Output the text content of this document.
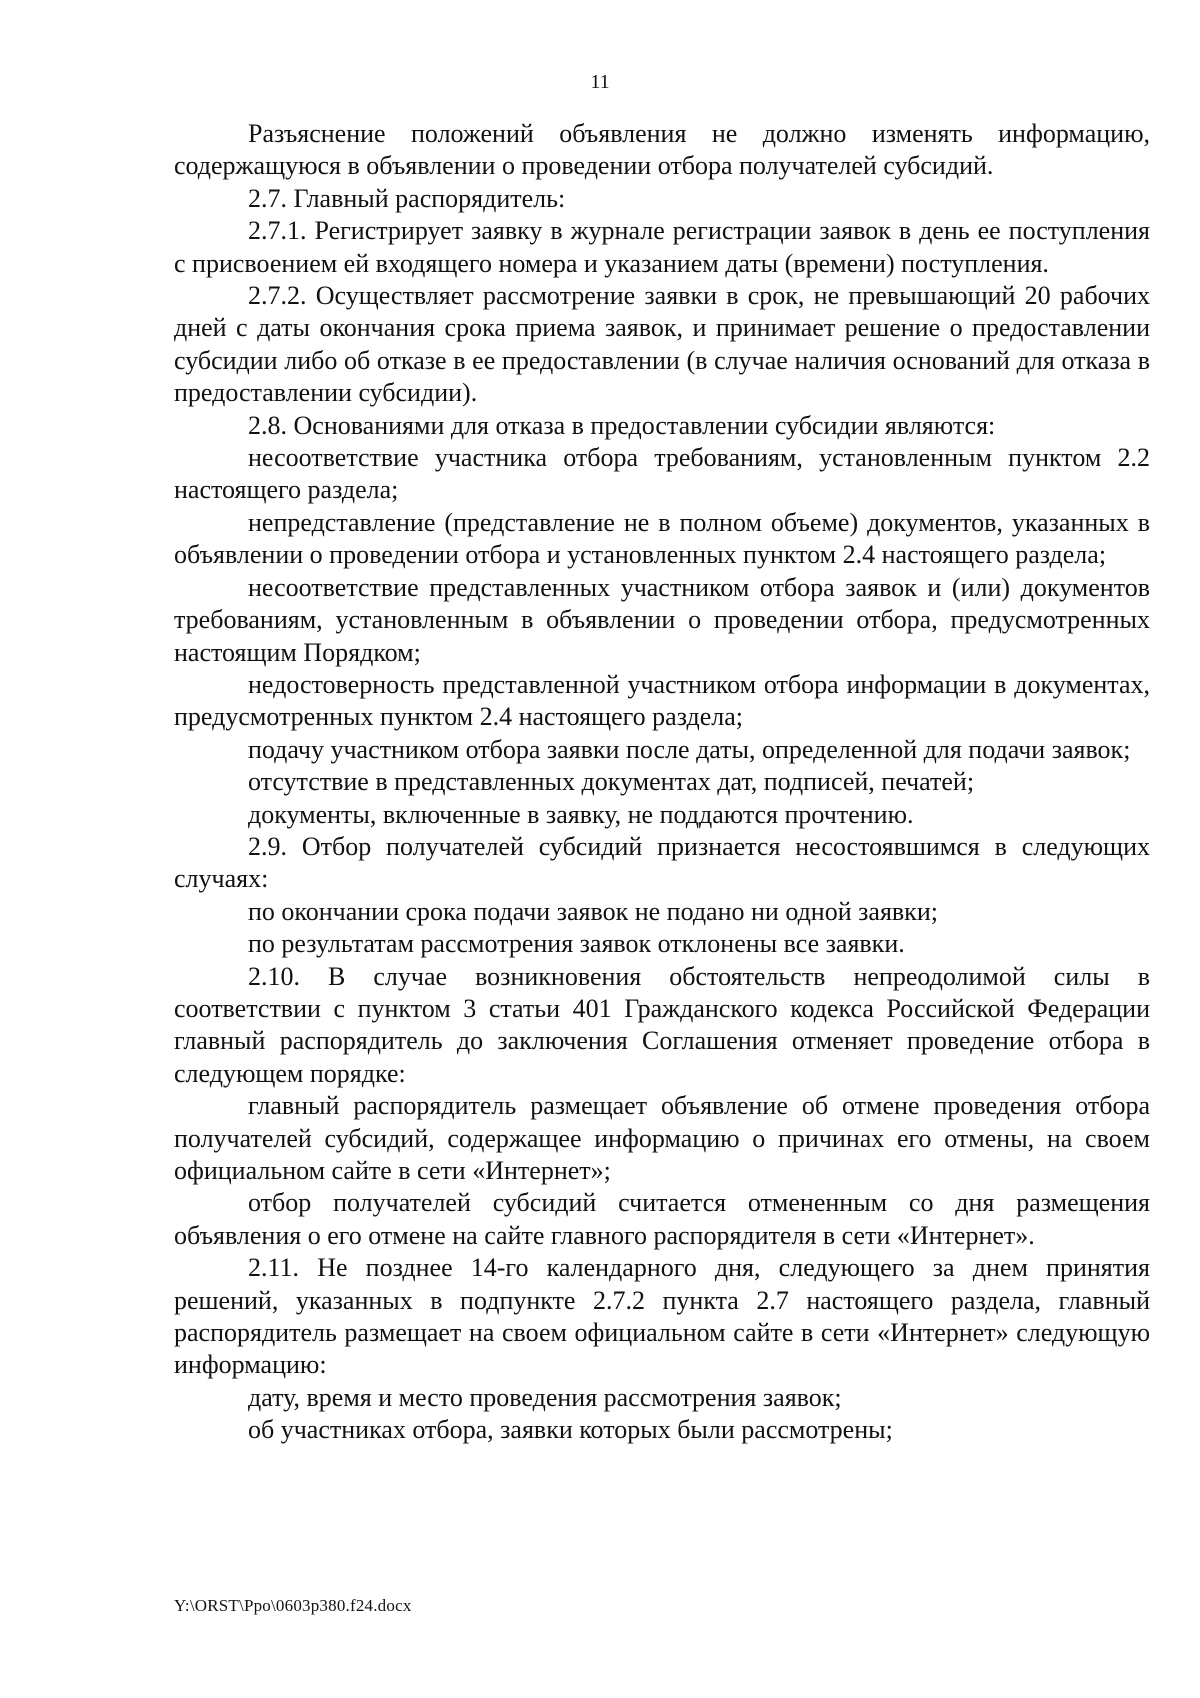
11

Разъяснение положений объявления не должно изменять информацию, содержащуюся в объявлении о проведении отбора получателей субсидий.

2.7. Главный распорядитель:

2.7.1. Регистрирует заявку в журнале регистрации заявок в день ее поступления с присвоением ей входящего номера и указанием даты (времени) поступления.

2.7.2. Осуществляет рассмотрение заявки в срок, не превышающий 20 рабочих дней с даты окончания срока приема заявок, и принимает решение о предоставлении субсидии либо об отказе в ее предоставлении (в случае наличия оснований для отказа в предоставлении субсидии).

2.8. Основаниями для отказа в предоставлении субсидии являются:

несоответствие участника отбора требованиям, установленным пунктом 2.2 настоящего раздела;

непредставление (представление не в полном объеме) документов, указанных в объявлении о проведении отбора и установленных пунктом 2.4 настоящего раздела;

несоответствие представленных участником отбора заявок и (или) документов требованиям, установленным в объявлении о проведении отбора, предусмотренных настоящим Порядком;

недостоверность представленной участником отбора информации в документах, предусмотренных пунктом 2.4 настоящего раздела;

подачу участником отбора заявки после даты, определенной для подачи заявок;

отсутствие в представленных документах дат, подписей, печатей;

документы, включенные в заявку, не поддаются прочтению.

2.9. Отбор получателей субсидий признается несостоявшимся в следующих случаях:

по окончании срока подачи заявок не подано ни одной заявки;

по результатам рассмотрения заявок отклонены все заявки.

2.10. В случае возникновения обстоятельств непреодолимой силы в соответствии с пунктом 3 статьи 401 Гражданского кодекса Российской Федерации главный распорядитель до заключения Соглашения отменяет проведение отбора в следующем порядке:

главный распорядитель размещает объявление об отмене проведения отбора получателей субсидий, содержащее информацию о причинах его отмены, на своем официальном сайте в сети «Интернет»;

отбор получателей субсидий считается отмененным со дня размещения объявления о его отмене на сайте главного распорядителя в сети «Интернет».

2.11. Не позднее 14-го календарного дня, следующего за днем принятия решений, указанных в подпункте 2.7.2 пункта 2.7 настоящего раздела, главный распорядитель размещает на своем официальном сайте в сети «Интернет» следующую информацию:

дату, время и место проведения рассмотрения заявок;

об участниках отбора, заявки которых были рассмотрены;

Y:\ORST\Ppo\0603p380.f24.docx
